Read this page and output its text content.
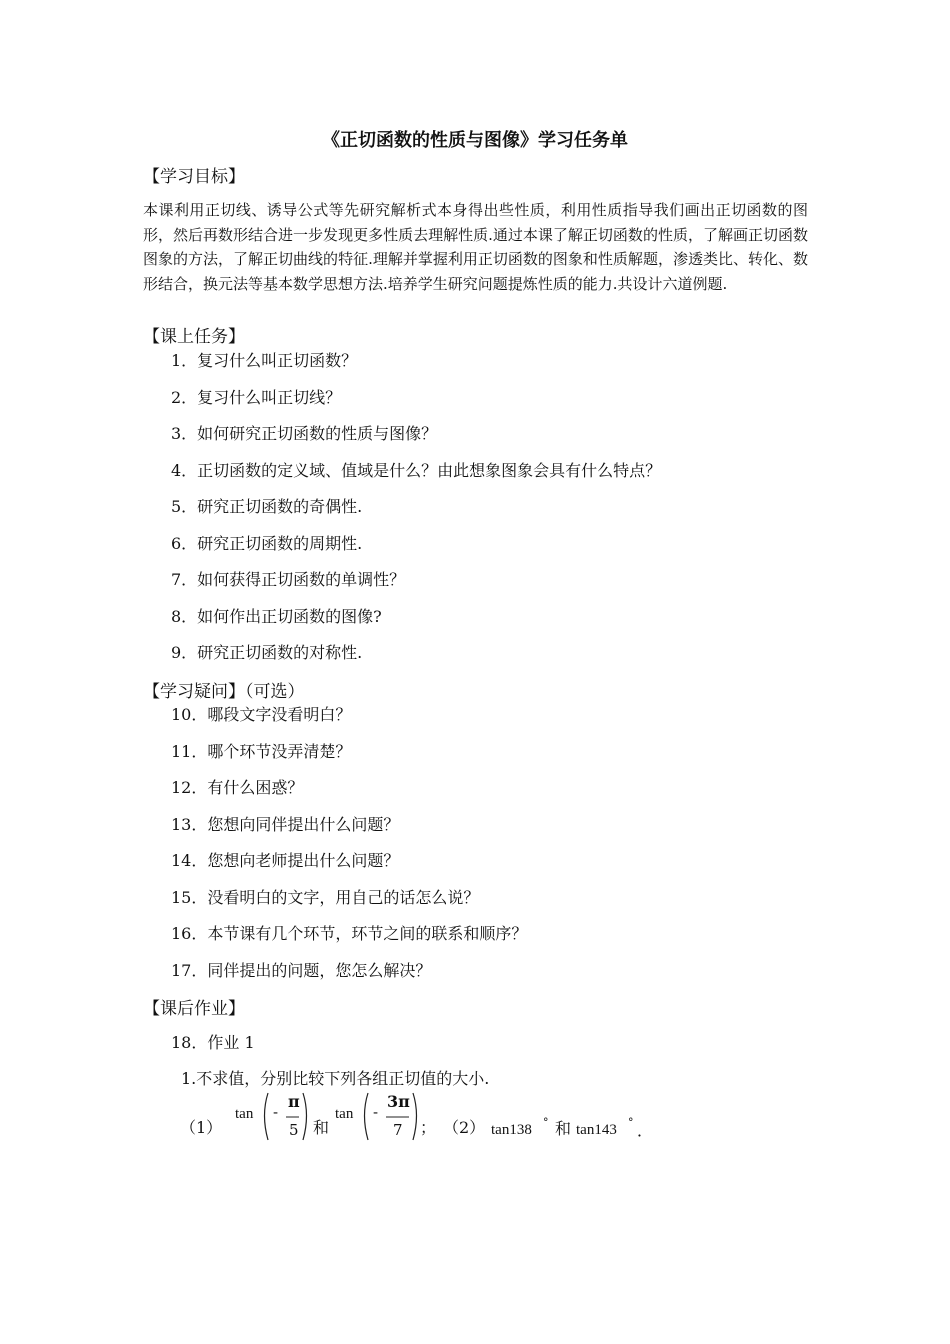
《正切函数的性质与图像》学习任务单
【学习目标】
本课利用正切线、诱导公式等先研究解析式本身得出些性质，利用性质指导我们画出正切函数的图形，然后再数形结合进一步发现更多性质去理解性质.通过本课了解正切函数的性质，了解画正切函数图象的方法，了解正切曲线的特征.理解并掌握利用正切函数的图象和性质解题，渗透类比、转化、数形结合，换元法等基本数学思想方法.培养学生研究问题提炼性质的能力.共设计六道例题.
【课上任务】
1．复习什么叫正切函数？
2．复习什么叫正切线？
3．如何研究正切函数的性质与图像？
4．正切函数的定义域、值域是什么？由此想象图象会具有什么特点？
5．研究正切函数的奇偶性.
6．研究正切函数的周期性.
7．如何获得正切函数的单调性？
8．如何作出正切函数的图像?
9．研究正切函数的对称性.
【学习疑问】（可选）
10．哪段文字没看明白？
11．哪个环节没弄清楚？
12．有什么困惑？
13．您想向同伴提出什么问题？
14．您想向老师提出什么问题？
15．没看明白的文字，用自己的话怎么说？
16．本节课有几个环节，环节之间的联系和顺序？
17．同伴提出的问题，您怎么解决？
【课后作业】
18．作业 1
1.不求值，分别比较下列各组正切值的大小.
（1）
tan -
π
5 和
tan -
3π
7 ； （2） tan138 ° 和 tan143 ° ．
